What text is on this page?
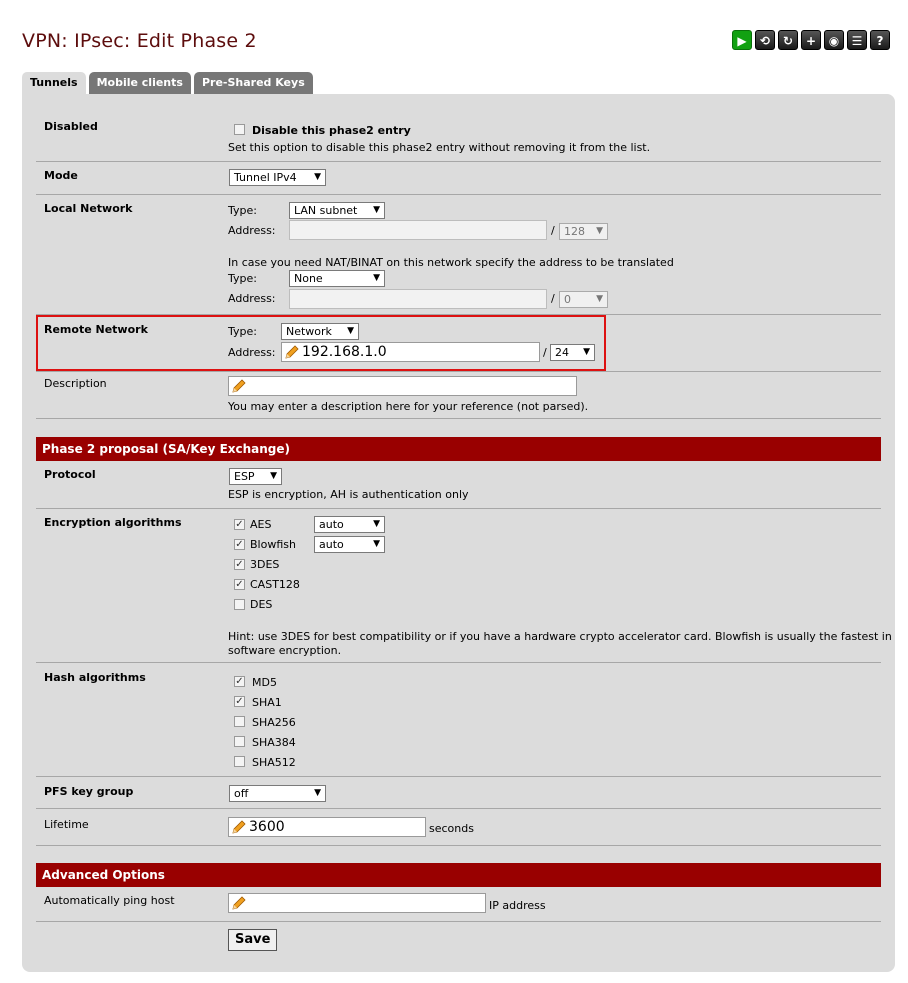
VPN: IPsec: Edit Phase 2	▶	⟲	↻	+	◉	☰	?
Tunnels	Mobile clients	Pre-Shared Keys
Disabled	Disable this phase2 entry
Set this option to disable this phase2 entry without removing it from the list.
Mode	Tunnel IPv4 ▼
Local Network	Type:	LAN subnet ▼
Address:	/ 128 ▼
In case you need NAT/BINAT on this network specify the address to be translated
Type:	None	▼
Address:	/ 0	▼
Remote Network	Type:	Network ▼
Address:	192.168.1.0	/ 24 ▼
Description
You may enter a description here for your reference (not parsed).
Phase 2 proposal (SA/Key Exchange)
Protocol	ESP ▼
ESP is encryption, AH is authentication only
Encryption algorithms	✓ AES	auto	▼
✓ Blowfish	auto	▼
✓ 3DES
✓ CAST128
DES
Hint: use 3DES for best compatibility or if you have a hardware crypto accelerator card. Blowfish is usually the fastest in
software encryption.
Hash algorithms	✓ MD5
✓ SHA1
SHA256
SHA384
SHA512
PFS key group	off	▼
Lifetime	3600	seconds
Advanced Options
Automatically ping host	IP address
Save
